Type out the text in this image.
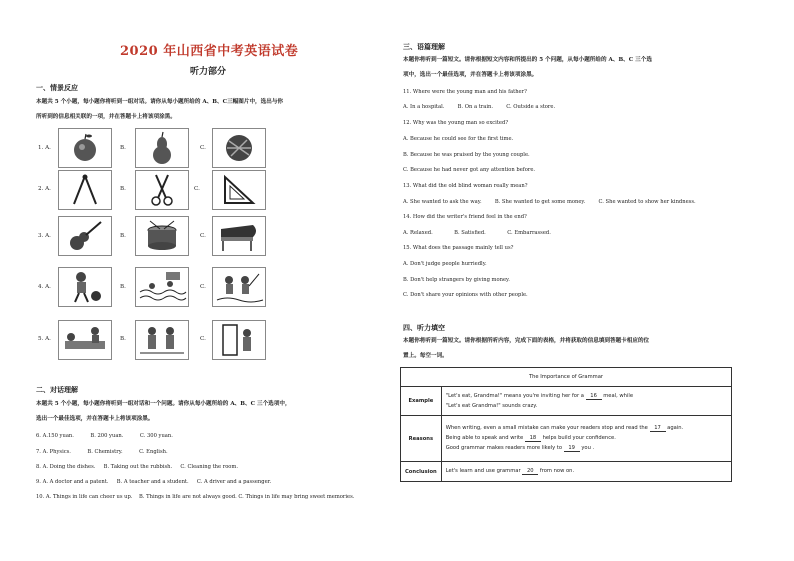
2020 年山西省中考英语试卷
听力部分
一、情景反应
本题共 5 个小题，每小题你将听到一组对话。请你从每小题所给的 A、B、C三幅图片中，选出与你
所听到的信息相关联的一项，并在答题卡上将该项涂黑。
1. A.	B.	C.
2. A.	B.	C.
3. A.	B.	C.
4. A.	B.	C.
5. A.	B.	C.
二、对话理解
本题共 5 个小题，每小题你将听到一组对话和一个问题。请你从每小题所给的 A、B、C 三个选项中，
选出一个最佳选项，并在答题卡上将该项涂黑。
6. A.150 yuan.          B. 200 yuan.          C. 300 yuan.
7. A. Physics.          B. Chemistry.          C. English.
8. A. Doing the dishes.     B. Taking out the rubbish.     C. Cleaning the room.
9. A. A doctor and a patent.     B. A teacher and a student.     C. A driver and a passenger.
10. A. Things in life can cheer us up.    B. Things in life are not always good. C. Things in life may bring sweet memories.
三、语篇理解
本题你将听到一篇短文。请你根据短文内容和所提出的 5 个问题，从每小题所给的 A、B、C 三个选
项中，选出一个最佳选项，并在答题卡上将该项涂黑。
11. Where were the young man and his father?
A. In a hospital.        B. On a train.        C. Outside a store.
12. Why was the young man so excited?
A. Because he could see for the first time.
B. Because he was praised by the young couple.
C. Because he had never got any attention before.
13. What did the old blind woman really mean?
A. She wanted to ask the way.        B. She wanted to get some money.        C. She wanted to show her kindness.
14. How did the writer's friend feel in the end?
A. Relaxed.             B. Satisfied.             C. Embarrassed.
15. What does the passage mainly tell us?
A. Don't judge people hurriedly.
B. Don't help strangers by giving money.
C. Don't share your opinions with other people.
四、听力填空
本题你将听到一篇短文。请你根据所听内容，完成下面的表格，并将获取的信息填到答题卡相应的位
置上。每空一词。
The Importance of Grammar	
Example	"Let's eat, Grandma!" means you're inviting her for a 16 meal, while
"Let's eat Grandma!" sounds crazy.

Reasons	When writing, even a small mistake can make your readers stop and read the 17 again.
Being able to speak and write 18 helps build your confidence.
Good grammar makes readers more likely to 19 you .

Conclusion	Let's learn and use grammar 20 from now on.
